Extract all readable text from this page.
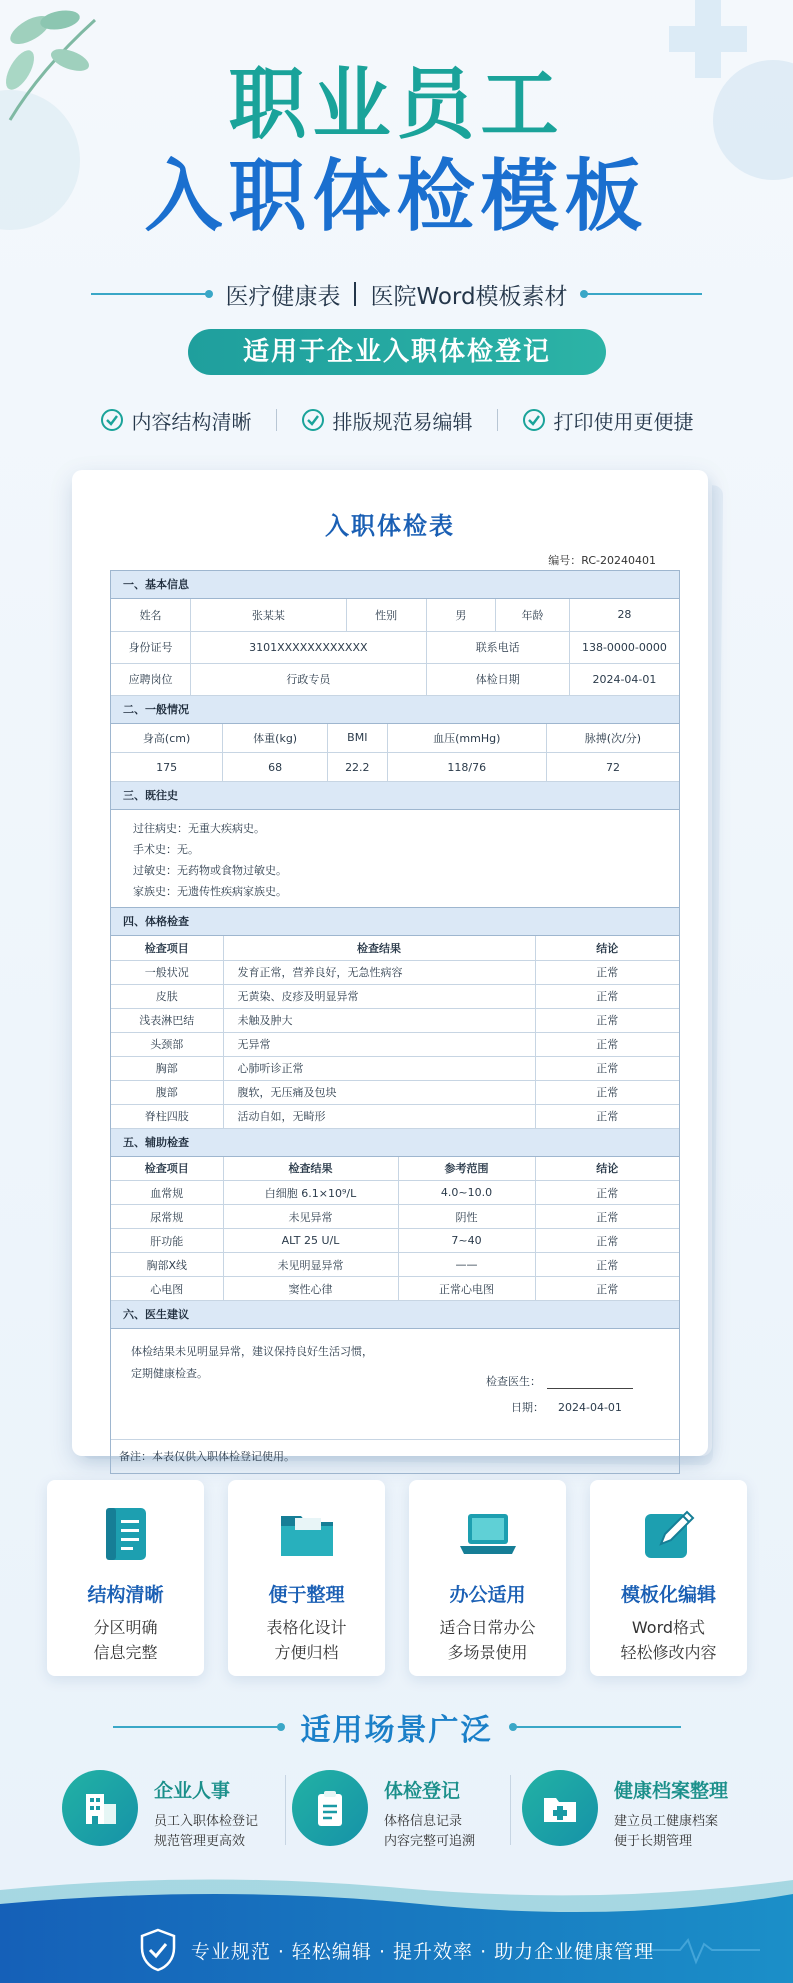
职业员工
入职体检模板
医疗健康表 医院Word模板素材
适用于企业入职体检登记
内容结构清晰	排版规范易编辑	打印使用更便捷
入职体检表
编号：RC-20240401
一、基本信息
姓名	张某某	性别	男	年龄	28
身份证号	3101XXXXXXXXXXXX		联系电话		138-0000-0000
应聘岗位	行政专员		体检日期		2024-04-01
二、一般情况
身高(cm)	体重(kg)	BMI	血压(mmHg)	脉搏(次/分)
175	68	22.2	118/76	72
三、既往史
过往病史：无重大疾病史。
手术史：无。
过敏史：无药物或食物过敏史。
家族史：无遗传性疾病家族史。
四、体格检查
检查项目	检查结果	结论
一般状况	发育正常，营养良好，无急性病容	正常
皮肤	无黄染、皮疹及明显异常	正常
浅表淋巴结	未触及肿大	正常
头颈部	无异常	正常
胸部	心肺听诊正常	正常
腹部	腹软，无压痛及包块	正常
脊柱四肢	活动自如，无畸形	正常
五、辅助检查
检查项目	检查结果	参考范围	结论
血常规	白细胞 6.1×10⁹/L	4.0~10.0	正常
尿常规	未见异常	阴性	正常
肝功能	ALT 25 U/L	7~40	正常
胸部X线	未见明显异常	——	正常
心电图	窦性心律	正常心电图	正常
六、医生建议
体检结果未见明显异常，建议保持良好生活习惯，
定期健康检查。
检查医生：
日期： 2024-04-01
备注：本表仅供入职体检登记使用。
结构清晰
分区明确
信息完整
便于整理
表格化设计
方便归档
办公适用
适合日常办公
多场景使用
模板化编辑
Word格式
轻松修改内容
适用场景广泛
企业人事
员工入职体检登记
规范管理更高效
体检登记
体格信息记录
内容完整可追溯
健康档案整理
建立员工健康档案
便于长期管理
专业规范 · 轻松编辑 · 提升效率 · 助力企业健康管理
